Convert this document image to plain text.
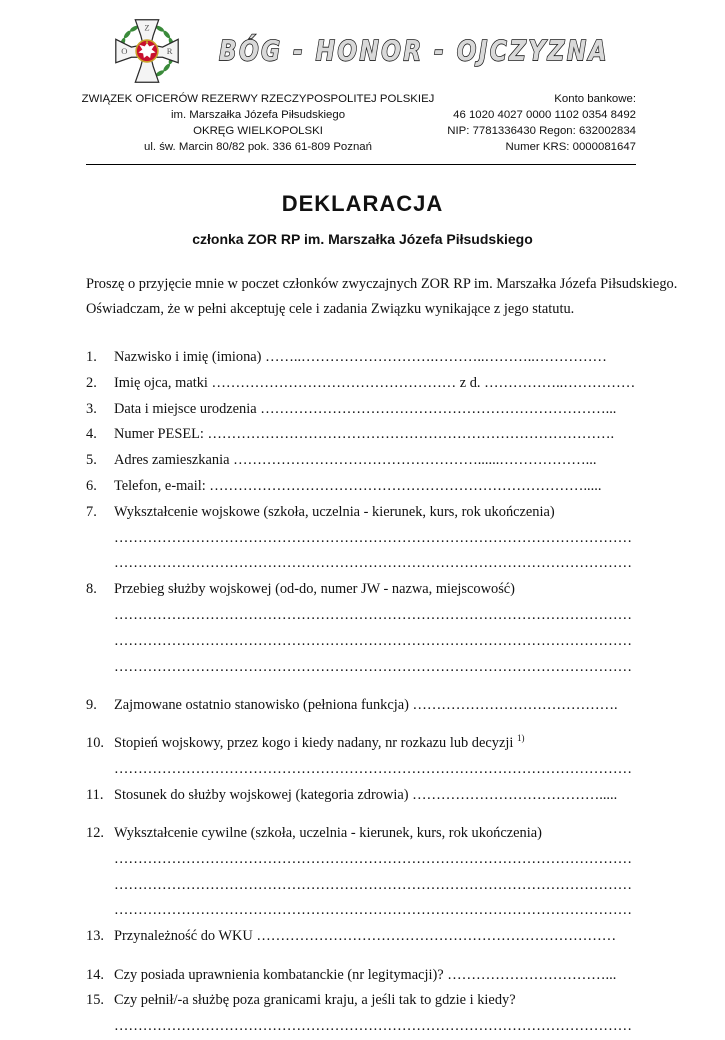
Z
O	R BÓG - HONOR - OJCZYZNA
ZWIĄZEK OFICERÓW REZERWY RZECZYPOSPOLITEJ POLSKIEJ
im. Marszałka Józefa Piłsudskiego
OKRĘG WIELKOPOLSKI
ul. św. Marcin 80/82 pok. 336 61-809 Poznań
Konto bankowe:
46 1020 4027 0000 1102 0354 8492
NIP: 7781336430 Regon: 632002834
Numer KRS: 0000081647
DEKLARACJA
członka ZOR RP im. Marszałka Józefa Piłsudskiego
Proszę o przyjęcie mnie w poczet członków zwyczajnych ZOR RP im. Marszałka Józefa Piłsudskiego.
Oświadczam, że w pełni akceptuję cele i zadania Związku wynikające z jego statutu.
1. Nazwisko i imię (imiona) ……..……………………….………..………..……………
2. Imię ojca, matki …………………………………………… z d. ……………..……………
3. Data i miejsce urodzenia ………………………………………………………………...
4. Numer PESEL: ………………………………………………………………………….
5. Adres zamieszkania ……………………………………………......………………...
6. Telefon, e-mail: …………………………………………………………………….....
7. Wykształcenie wojskowe (szkoła, uczelnia - kierunek, kurs, rok ukończenia)
………………………………………………………………………………………………
………………………………………………………………………………………………
8. Przebieg służby wojskowej (od-do, numer JW - nazwa, miejscowość)
………………………………………………………………………………………………
………………………………………………………………………………………………
………………………………………………………………………………………………
9. Zajmowane ostatnio stanowisko (pełniona funkcja) …………………………………….
10. Stopień wojskowy, przez kogo i kiedy nadany, nr rozkazu lub decyzji $^{1)}$
………………………………………………………………………………………………
11. Stosunek do służby wojskowej (kategoria zdrowia) ………………………………….....
12. Wykształcenie cywilne (szkoła, uczelnia - kierunek, kurs, rok ukończenia)
………………………………………………………………………………………………
………………………………………………………………………………………………
………………………………………………………………………………………………
13. Przynależność do WKU …………………………………………………………………
14. Czy posiada uprawnienia kombatanckie (nr legitymacji)? ……………………………...
15. Czy pełnił/-a służbę poza granicami kraju, a jeśli tak to gdzie i kiedy?
………………………………………………………………………………………………
